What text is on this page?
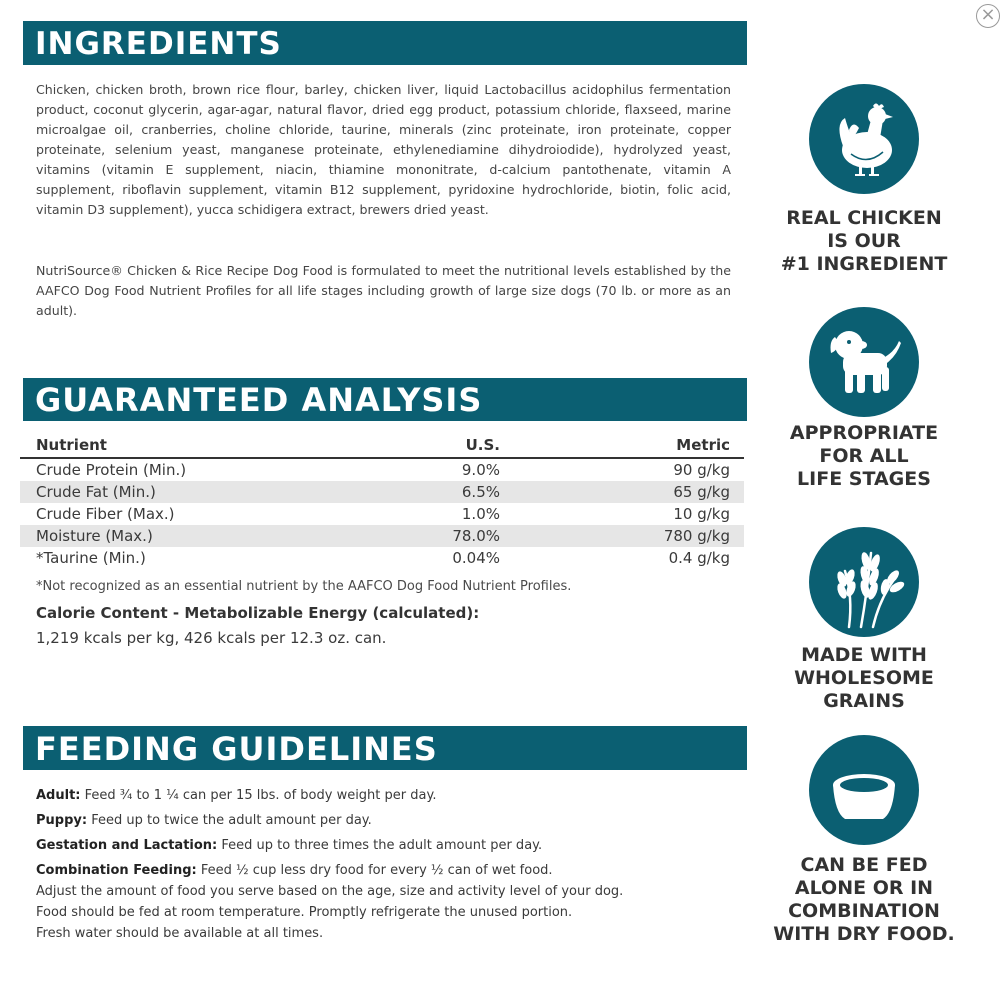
×
INGREDIENTS
Chicken, chicken broth, brown rice flour, barley, chicken liver, liquid Lactobacillus acidophilus fermentation product, coconut glycerin, agar-agar, natural flavor, dried egg product, potassium chloride, flaxseed, marine microalgae oil, cranberries, choline chloride, taurine, minerals (zinc proteinate, iron proteinate, copper proteinate, selenium yeast, manganese proteinate, ethylenediamine dihydroiodide), hydrolyzed yeast, vitamins (vitamin E supplement, niacin, thiamine mononitrate, d-calcium pantothenate, vitamin A supplement, riboflavin supplement, vitamin B12 supplement, pyridoxine hydrochloride, biotin, folic acid, vitamin D3 supplement), yucca schidigera extract, brewers dried yeast.
NutriSource® Chicken & Rice Recipe Dog Food is formulated to meet the nutritional levels established by the AAFCO Dog Food Nutrient Profiles for all life stages including growth of large size dogs (70 lb. or more as an adult).
GUARANTEED ANALYSIS
Nutrient	U.S.	Metric
Crude Protein (Min.)	9.0%	90 g/kg
Crude Fat (Min.)	6.5%	65 g/kg
Crude Fiber (Max.)	1.0%	10 g/kg
Moisture (Max.)	78.0%	780 g/kg
*Taurine (Min.)	0.04%	0.4 g/kg
*Not recognized as an essential nutrient by the AAFCO Dog Food Nutrient Profiles.
Calorie Content - Metabolizable Energy (calculated):
1,219 kcals per kg, 426 kcals per 12.3 oz. can.
FEEDING GUIDELINES
Adult: Feed ¾ to 1 ¼ can per 15 lbs. of body weight per day.
Puppy: Feed up to twice the adult amount per day.
Gestation and Lactation: Feed up to three times the adult amount per day.
Combination Feeding: Feed ½ cup less dry food for every ½ can of wet food.
Adjust the amount of food you serve based on the age, size and activity level of your dog.
Food should be fed at room temperature. Promptly refrigerate the unused portion.
Fresh water should be available at all times.
REAL CHICKEN
IS OUR
#1 INGREDIENT
APPROPRIATE
FOR ALL
LIFE STAGES
MADE WITH
WHOLESOME
GRAINS
CAN BE FED
ALONE OR IN
COMBINATION
WITH DRY FOOD.
